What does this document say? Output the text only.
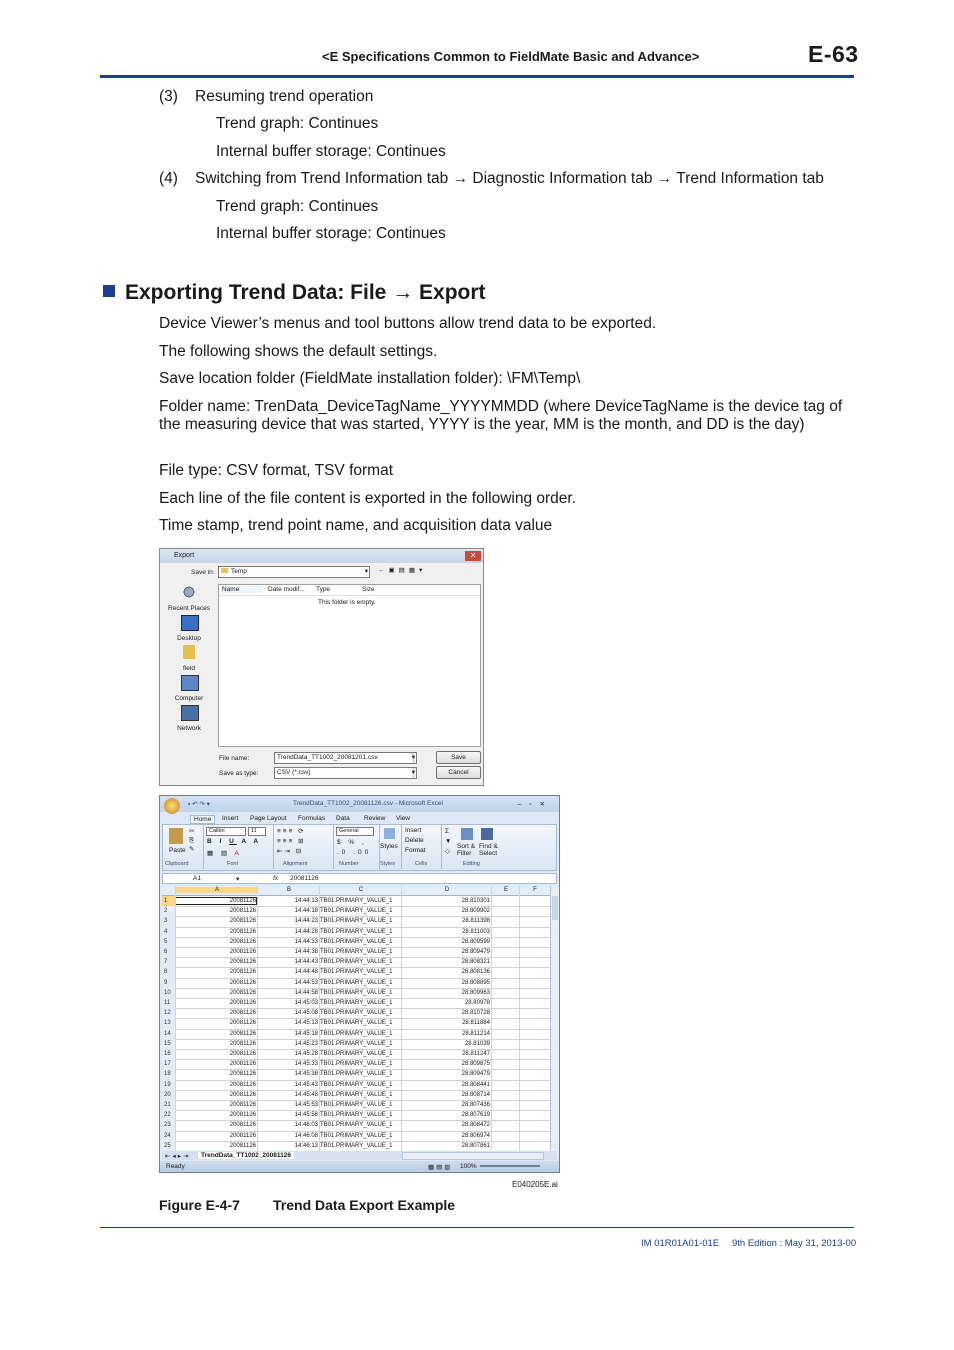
<E Specifications Common to FieldMate Basic and Advance>	E-63
(3) Resuming trend operation
Trend graph: Continues
Internal buffer storage: Continues
(4) Switching from Trend Information tab → Diagnostic Information tab → Trend Information tab
Trend graph: Continues
Internal buffer storage: Continues
Exporting Trend Data: File → Export
Device Viewer’s menus and tool buttons allow trend data to be exported.
The following shows the default settings.
Save location folder (FieldMate installation folder): \FM\Temp\
Folder name: TrenData_DeviceTagName_YYYYMMDD (where DeviceTagName is the device tag of the measuring device that was started, YYYY is the year, MM is the month, and DD is the day)
File type: CSV format, TSV format
Each line of the file content is exported in the following order.
Time stamp, trend point name, and acquisition data value
Export	✕
Save in:	Temp	▾ ←▣▤▦▾
Recent Places
Desktop
field
Computer
Network
Name	Date modif... Type	Size
This folder is empty.
File name:	TrendData_TT1002_20081201.csv	▾
Save as type:	CSV (*.csv)	▾
Save
Cancel
▪ ↶ ↷ ▾	TrendData_TT1002_20081126.csv - Microsoft Excel	–▫✕
Home	Insert Page Layout Formulas Data Review View
Paste
✂
⎘
✎
Calibri	11
B I U A A
▦ ▧ A
≡≡≡ ⟳
≡≡≡ ⊞
⇤⇥ ⊟
General
$ % ,
.0 .00
Styles
Insert
Delete
Format
Σ
▼
◇
Sort &
Filter
Find &
Select
Clipboard	Font	Alignment	Number	Styles	Cells	Editing
A1	▾	fx 20081126
A	B	C	D	E	F
1	20081126	14:44:13 TB01.PRIMARY_VALUE_1	28.810301
2	20081126	14:44:18 TB01.PRIMARY_VALUE_1	28.809902
3	20081126	14:44:23 TB01.PRIMARY_VALUE_1	28.811398
4	20081126	14:44:28 TB01.PRIMARY_VALUE_1	28.811003
5	20081126	14:44:33 TB01.PRIMARY_VALUE_1	28.809599
6	20081126	14:44:38 TB01.PRIMARY_VALUE_1	28.809479
7	20081126	14:44:43 TB01.PRIMARY_VALUE_1	28.808321
8	20081126	14:44:48 TB01.PRIMARY_VALUE_1	28.808136
9	20081126	14:44:53 TB01.PRIMARY_VALUE_1	28.808895
10	20081126	14:44:58 TB01.PRIMARY_VALUE_1	28.809963
11	20081126	14:45:03 TB01.PRIMARY_VALUE_1	28.80978
12	20081126	14:45:08 TB01.PRIMARY_VALUE_1	28.810728
13	20081126	14:45:13 TB01.PRIMARY_VALUE_1	28.811884
14	20081126	14:45:18 TB01.PRIMARY_VALUE_1	28.811214
15	20081126	14:45:23 TB01.PRIMARY_VALUE_1	28.81039
16	20081126	14:45:28 TB01.PRIMARY_VALUE_1	28.811247
17	20081126	14:45:33 TB01.PRIMARY_VALUE_1	28.809875
18	20081126	14:45:38 TB01.PRIMARY_VALUE_1	28.809479
19	20081126	14:45:43 TB01.PRIMARY_VALUE_1	28.808441
20	20081126	14:45:48 TB01.PRIMARY_VALUE_1	28.808714
21	20081126	14:45:53 TB01.PRIMARY_VALUE_1	28.807436
22	20081126	14:45:58 TB01.PRIMARY_VALUE_1	28.807619
23	20081126	14:46:03 TB01.PRIMARY_VALUE_1	28.808472
24	20081126	14:46:08 TB01.PRIMARY_VALUE_1	28.806974
25	20081126	14:46:13 TB01.PRIMARY_VALUE_1	28.807861
⇤◂▸⇥	TrendData_TT1002_20081126
Ready	▦▤▥ 100%
E040205E.ai
Figure E-4-7 Trend Data Export Example
IM 01R01A01-01E 9th Edition : May 31, 2013-00
